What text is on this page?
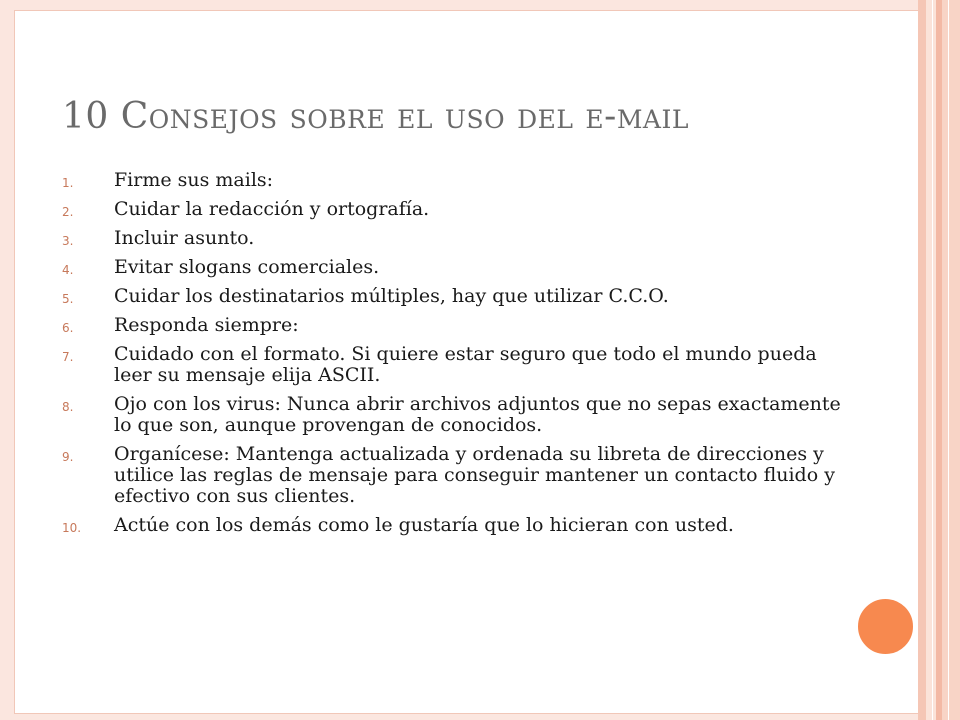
10 Consejos sobre el uso del e-mail
1. Firme sus mails:
2. Cuidar la redacción y ortografía.
3. Incluir asunto.
4. Evitar slogans comerciales.
5. Cuidar los destinatarios múltiples, hay que utilizar C.C.O.
6. Responda siempre:
7. Cuidado con el formato. Si quiere estar seguro que todo el mundo pueda leer su mensaje elija ASCII.
8. Ojo con los virus: Nunca abrir archivos adjuntos que no sepas exactamente lo que son, aunque provengan de conocidos.
9. Organícese: Mantenga actualizada y ordenada su libreta de direcciones y utilice las reglas de mensaje para conseguir mantener un contacto fluido y efectivo con sus clientes.
10. Actúe con los demás como le gustaría que lo hicieran con usted.
